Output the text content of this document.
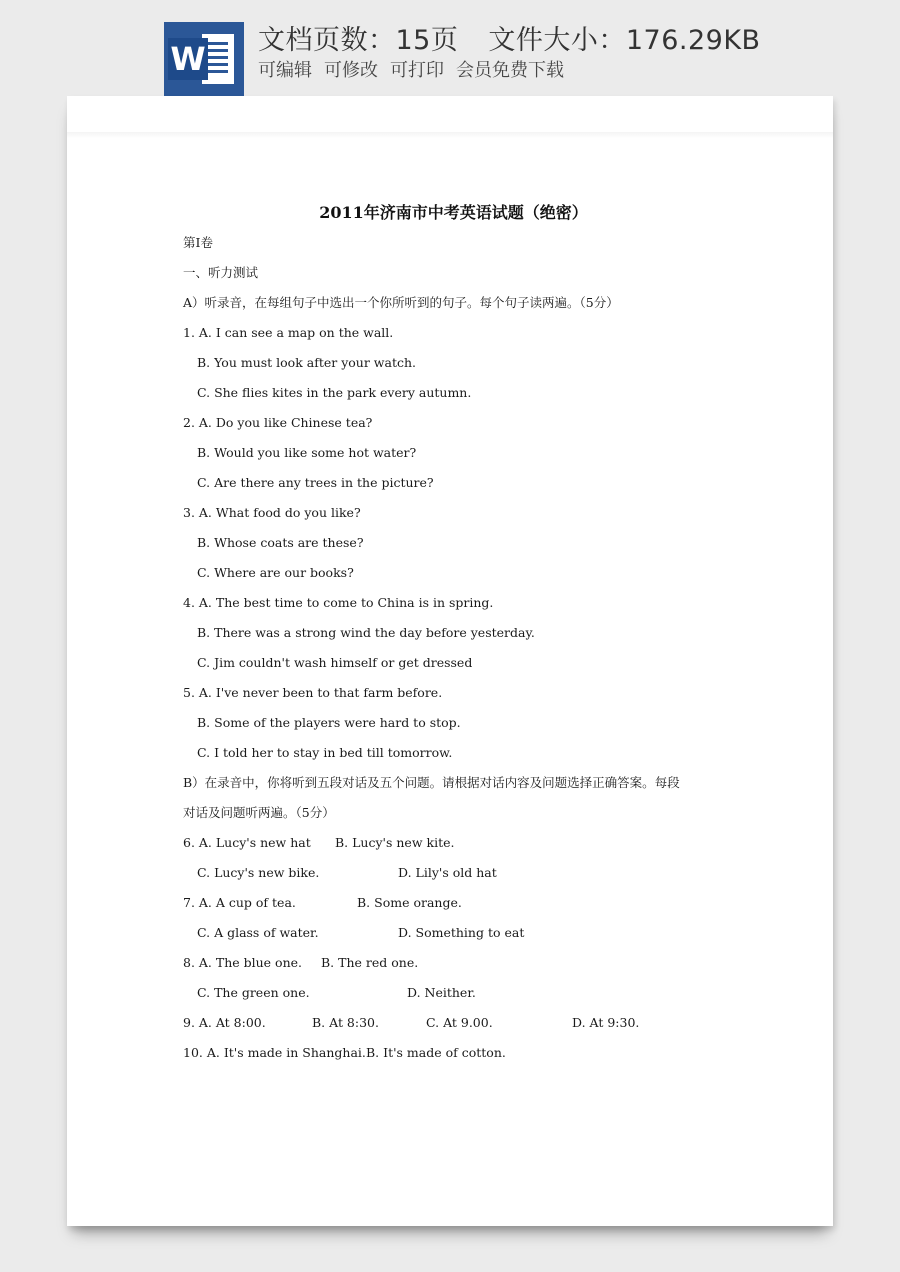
W 文档页数：15页 文件大小：176.29KB
可编辑 可修改 可打印 会员免费下载
2011年济南市中考英语试题（绝密）
第Ⅰ卷
一、听力测试
A）听录音，在每组句子中选出一个你所听到的句子。每个句子读两遍。（5分）
1. A. I can see a map on the wall.
B. You must look after your watch.
C. She flies kites in the park every autumn.
2. A. Do you like Chinese tea?
B. Would you like some hot water?
C. Are there any trees in the picture?
3. A. What food do you like?
B. Whose coats are these?
C. Where are our books?
4. A. The best time to come to China is in spring.
B. There was a strong wind the day before yesterday.
C. Jim couldn't wash himself or get dressed
5. A. I've never been to that farm before.
B. Some of the players were hard to stop.
C. I told her to stay in bed till tomorrow.
B）在录音中，你将听到五段对话及五个问题。请根据对话内容及问题选择正确答案。每段
对话及问题听两遍。（5分）
6. A. Lucy's new hat B. Lucy's new kite.
C. Lucy's new bike.	D. Lily's old hat
7. A. A cup of tea.	B. Some orange.
C. A glass of water.	D. Something to eat
8. A. The blue one. B. The red one.
C. The green one.	D. Neither.
9. A. At 8:00.	B. At 8:30.	C. At 9.00.	D. At 9:30.
10. A. It's made in Shanghai. B. It's made of cotton.
